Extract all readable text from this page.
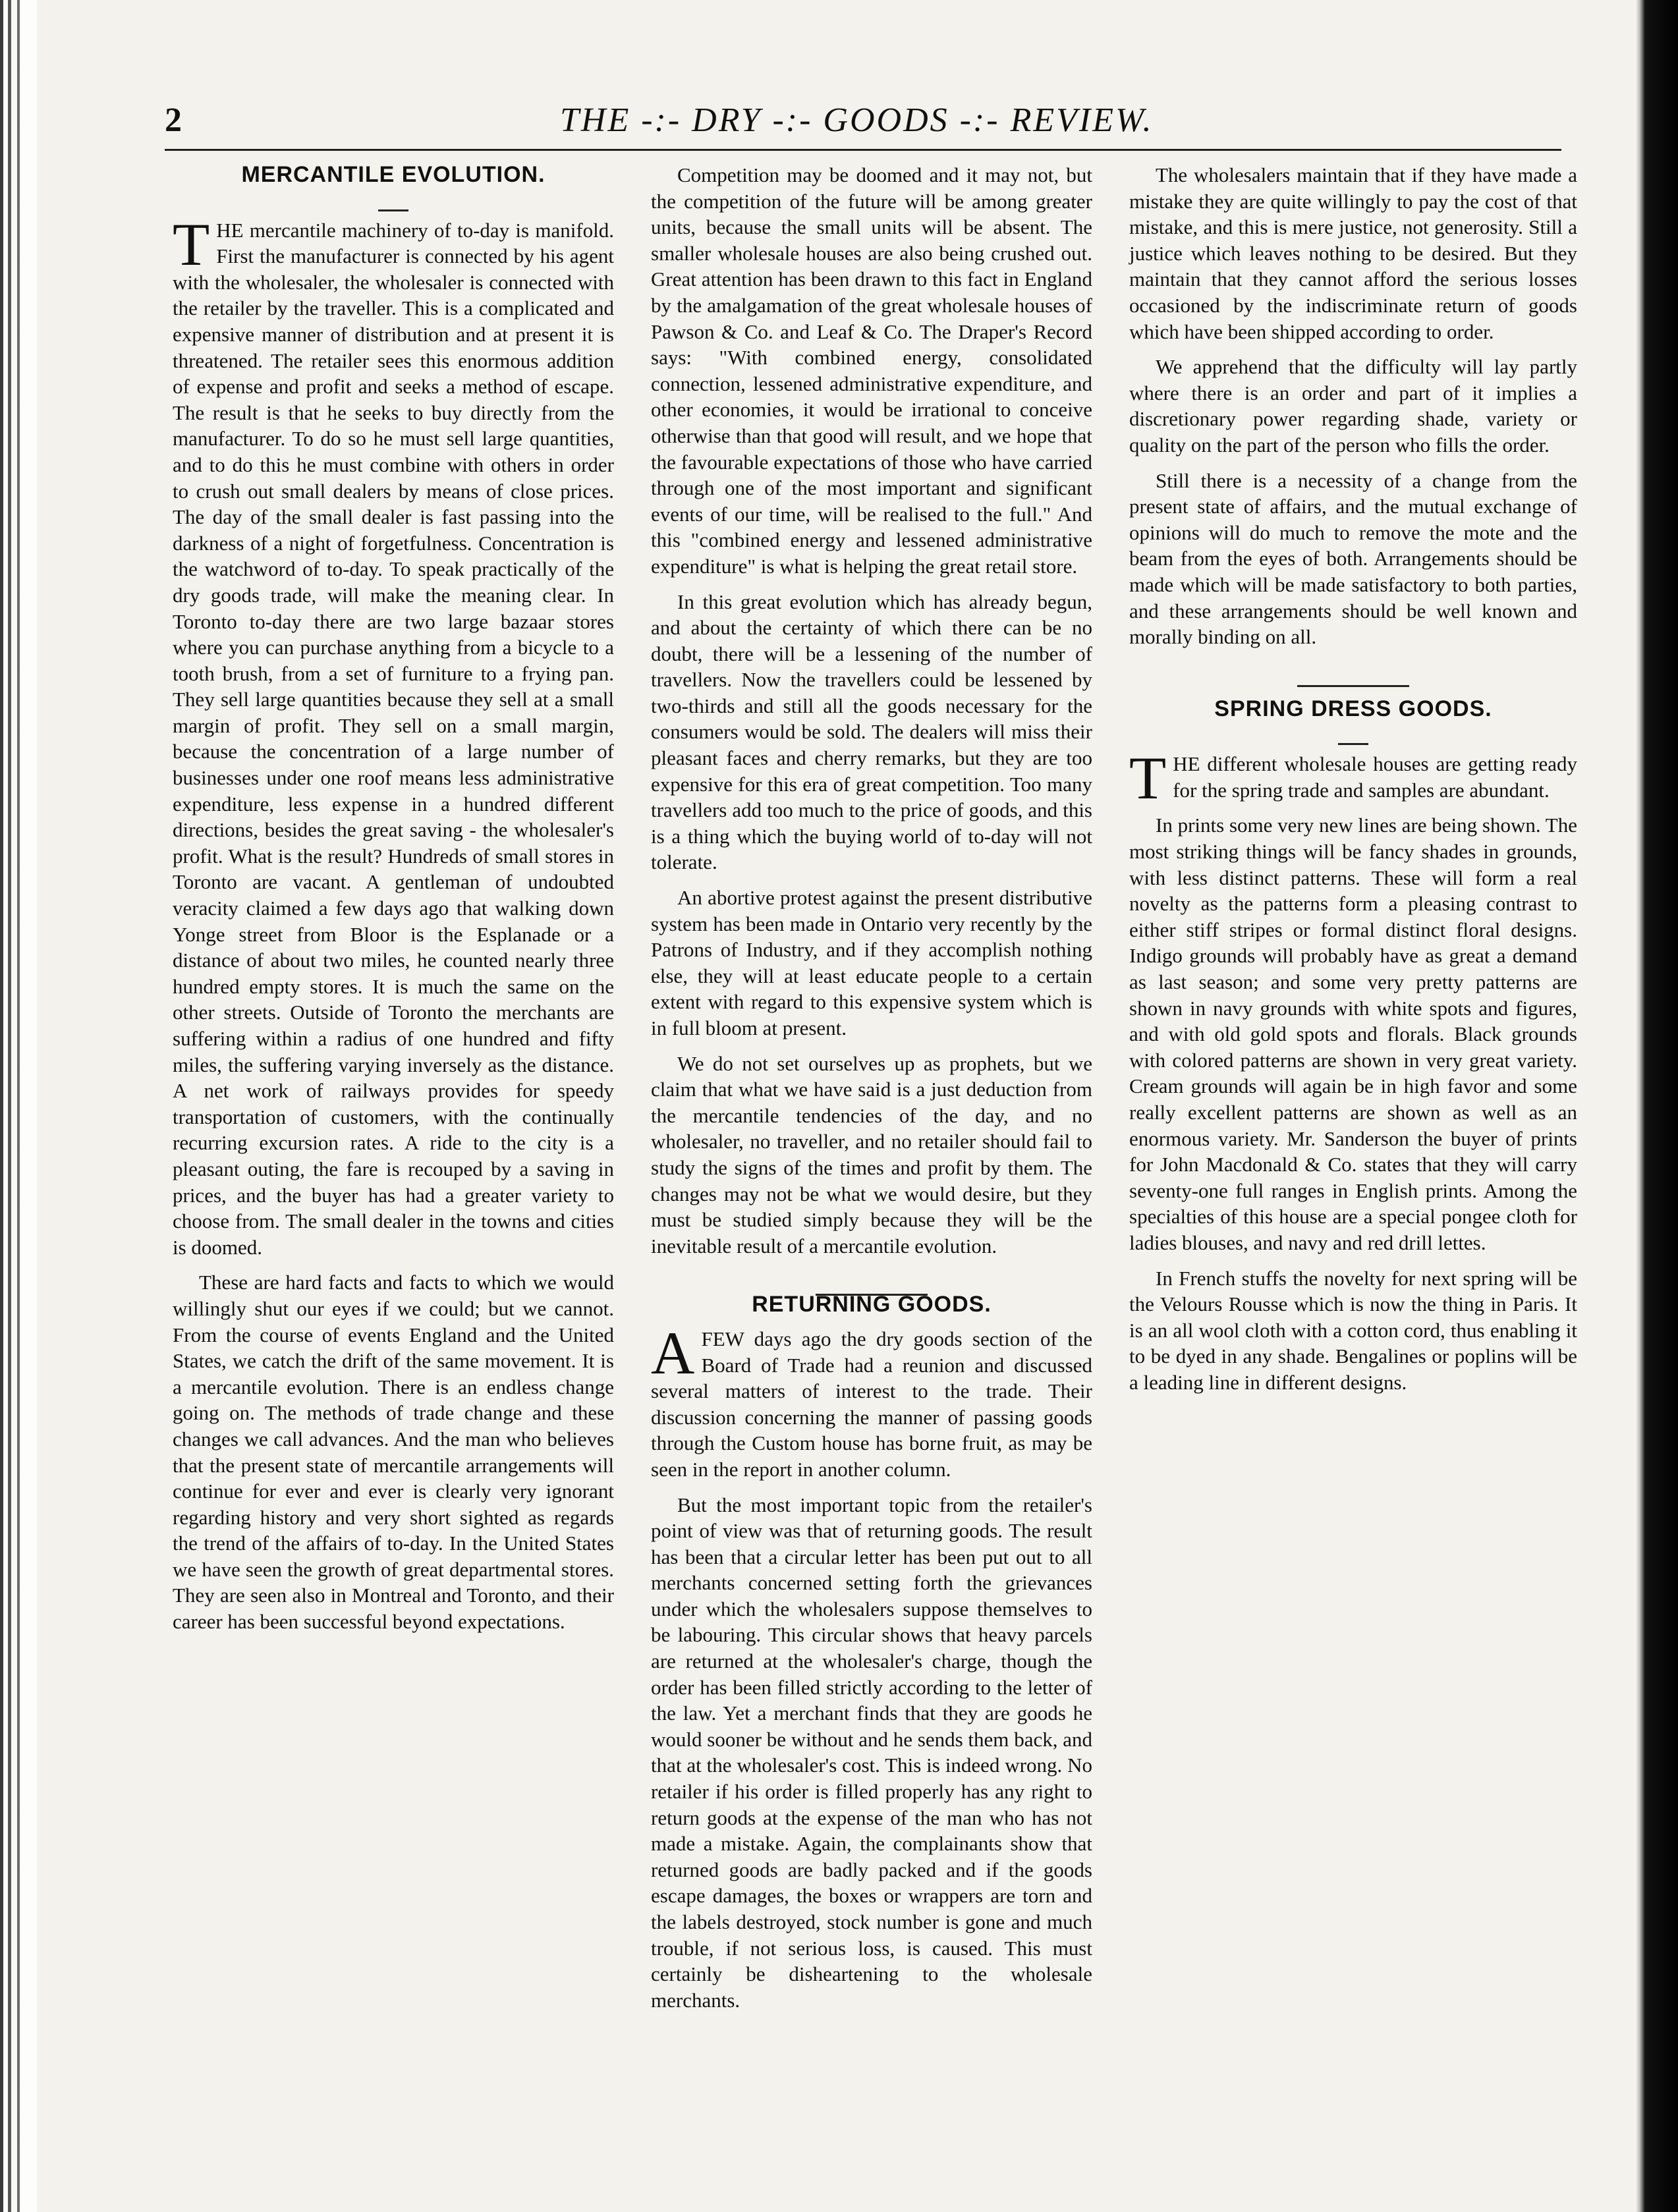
2	THE -:- DRY -:- GOODS -:- REVIEW.
MERCANTILE EVOLUTION.

THE mercantile machinery of to-day is manifold. First the manufacturer is connected by his agent with the wholesaler, the wholesaler is connected with the retailer by the traveller. This is a complicated and expensive manner of distribution and at present it is threatened. The retailer sees this enormous addition of expense and profit and seeks a method of escape. The result is that he seeks to buy directly from the manufacturer. To do so he must sell large quantities, and to do this he must combine with others in order to crush out small dealers by means of close prices. The day of the small dealer is fast passing into the darkness of a night of forgetfulness. Concentration is the watchword of to-day. To speak practically of the dry goods trade, will make the meaning clear. In Toronto to-day there are two large bazaar stores where you can purchase anything from a bicycle to a tooth brush, from a set of furniture to a frying pan. They sell large quantities because they sell at a small margin of profit. They sell on a small margin, because the concentration of a large number of businesses under one roof means less administrative expenditure, less expense in a hundred different directions, besides the great saving - the wholesaler's profit. What is the result? Hundreds of small stores in Toronto are vacant. A gentleman of undoubted veracity claimed a few days ago that walking down Yonge street from Bloor is the Esplanade or a distance of about two miles, he counted nearly three hundred empty stores. It is much the same on the other streets. Outside of Toronto the merchants are suffering within a radius of one hundred and fifty miles, the suffering varying inversely as the distance. A net work of railways provides for speedy transportation of customers, with the continually recurring excursion rates. A ride to the city is a pleasant outing, the fare is recouped by a saving in prices, and the buyer has had a greater variety to choose from. The small dealer in the towns and cities is doomed.

These are hard facts and facts to which we would willingly shut our eyes if we could; but we cannot. From the course of events England and the United States, we catch the drift of the same movement. It is a mercantile evolution. There is an endless change going on. The methods of trade change and these changes we call advances. And the man who believes that the present state of mercantile arrangements will continue for ever and ever is clearly very ignorant regarding history and very short sighted as regards the trend of the affairs of to-day. In the United States we have seen the growth of great departmental stores. They are seen also in Montreal and Toronto, and their career has been successful beyond expectations.

Competition may be doomed and it may not, but the competition of the future will be among greater units, because the small units will be absent. The smaller wholesale houses are also being crushed out. Great attention has been drawn to this fact in England by the amalgamation of the great wholesale houses of Pawson & Co. and Leaf & Co. The Draper's Record says: "With combined energy, consolidated connection, lessened administrative expenditure, and other economies, it would be irrational to conceive otherwise than that good will result, and we hope that the favourable expectations of those who have carried through one of the most important and significant events of our time, will be realised to the full." And this "combined energy and lessened administrative expenditure" is what is helping the great retail store.

In this great evolution which has already begun, and about the certainty of which there can be no doubt, there will be a lessening of the number of travellers. Now the travellers could be lessened by two-thirds and still all the goods necessary for the consumers would be sold. The dealers will miss their pleasant faces and cherry remarks, but they are too expensive for this era of great competition. Too many travellers add too much to the price of goods, and this is a thing which the buying world of to-day will not tolerate.

An abortive protest against the present distributive system has been made in Ontario very recently by the Patrons of Industry, and if they accomplish nothing else, they will at least educate people to a certain extent with regard to this expensive system which is in full bloom at present.

We do not set ourselves up as prophets, but we claim that what we have said is a just deduction from the mercantile tendencies of the day, and no wholesaler, no traveller, and no retailer should fail to study the signs of the times and profit by them. The changes may not be what we would desire, but they must be studied simply because they will be the inevitable result of a mercantile evolution.

RETURNING GOODS.

AFEW days ago the dry goods section of the Board of Trade had a reunion and discussed several matters of interest to the trade. Their discussion concerning the manner of passing goods through the Custom house has borne fruit, as may be seen in the report in another column.

But the most important topic from the retailer's point of view was that of returning goods. The result has been that a circular letter has been put out to all merchants concerned setting forth the grievances under which the wholesalers suppose themselves to be labouring. This circular shows that heavy parcels are returned at the wholesaler's charge, though the order has been filled strictly according to the letter of the law. Yet a merchant finds that they are goods he would sooner be without and he sends them back, and that at the wholesaler's cost. This is indeed wrong. No retailer if his order is filled properly has any right to return goods at the expense of the man who has not made a mistake. Again, the complainants show that returned goods are badly packed and if the goods escape damages, the boxes or wrappers are torn and the labels destroyed, stock number is gone and much trouble, if not serious loss, is caused. This must certainly be disheartening to the wholesale merchants.

The wholesalers maintain that if they have made a mistake they are quite willingly to pay the cost of that mistake, and this is mere justice, not generosity. Still a justice which leaves nothing to be desired. But they maintain that they cannot afford the serious losses occasioned by the indiscriminate return of goods which have been shipped according to order.

We apprehend that the difficulty will lay partly where there is an order and part of it implies a discretionary power regarding shade, variety or quality on the part of the person who fills the order.

Still there is a necessity of a change from the present state of affairs, and the mutual exchange of opinions will do much to remove the mote and the beam from the eyes of both. Arrangements should be made which will be made satisfactory to both parties, and these arrangements should be well known and morally binding on all.

SPRING DRESS GOODS.

THE different wholesale houses are getting ready for the spring trade and samples are abundant.

In prints some very new lines are being shown. The most striking things will be fancy shades in grounds, with less distinct patterns. These will form a real novelty as the patterns form a pleasing contrast to either stiff stripes or formal distinct floral designs. Indigo grounds will probably have as great a demand as last season; and some very pretty patterns are shown in navy grounds with white spots and figures, and with old gold spots and florals. Black grounds with colored patterns are shown in very great variety. Cream grounds will again be in high favor and some really excellent patterns are shown as well as an enormous variety. Mr. Sanderson the buyer of prints for John Macdonald & Co. states that they will carry seventy-one full ranges in English prints. Among the specialties of this house are a special pongee cloth for ladies blouses, and navy and red drill lettes.

In French stuffs the novelty for next spring will be the Velours Rousse which is now the thing in Paris. It is an all wool cloth with a cotton cord, thus enabling it to be dyed in any shade. Bengalines or poplins will be a leading line in different designs.
